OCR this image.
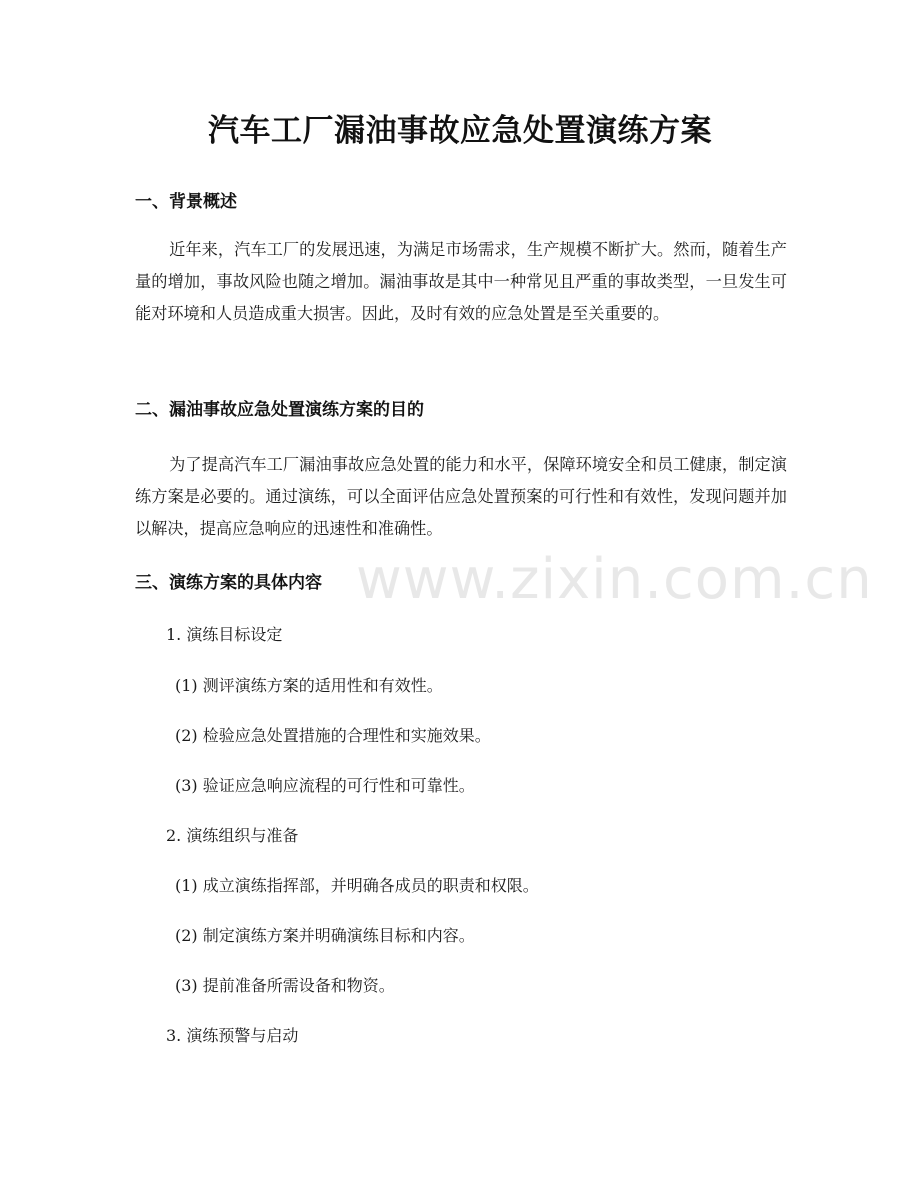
汽车工厂漏油事故应急处置演练方案
一、背景概述

近年来，汽车工厂的发展迅速，为满足市场需求，生产规模不断扩大。然而，随着生产量的增加，事故风险也随之增加。漏油事故是其中一种常见且严重的事故类型，一旦发生可能对环境和人员造成重大损害。因此，及时有效的应急处置是至关重要的。

二、漏油事故应急处置演练方案的目的

为了提高汽车工厂漏油事故应急处置的能力和水平，保障环境安全和员工健康，制定演练方案是必要的。通过演练，可以全面评估应急处置预案的可行性和有效性，发现问题并加以解决，提高应急响应的迅速性和准确性。

三、演练方案的具体内容
1. 演练目标设定
(1) 测评演练方案的适用性和有效性。
(2) 检验应急处置措施的合理性和实施效果。
(3) 验证应急响应流程的可行性和可靠性。
2. 演练组织与准备
(1) 成立演练指挥部，并明确各成员的职责和权限。
(2) 制定演练方案并明确演练目标和内容。
(3) 提前准备所需设备和物资。
3. 演练预警与启动
www.zixin.com.cn
